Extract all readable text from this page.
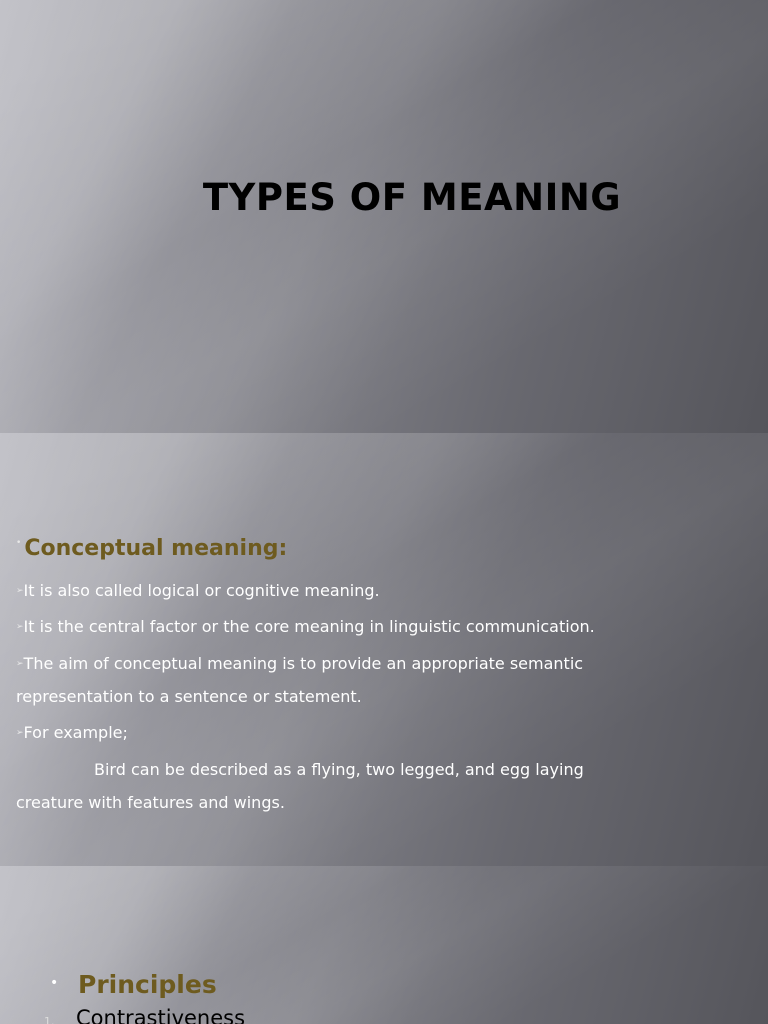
TYPES OF MEANING
• Conceptual meaning:
➢It is also called logical or cognitive meaning.
➢It is the central factor or the core meaning in linguistic communication.
➢The aim of conceptual meaning is to provide an appropriate semantic
representation to a sentence or statement.
➢For example;
Bird can be described as a flying, two legged, and egg laying
creature with features and wings.
• Principles
1.	Contrastiveness
